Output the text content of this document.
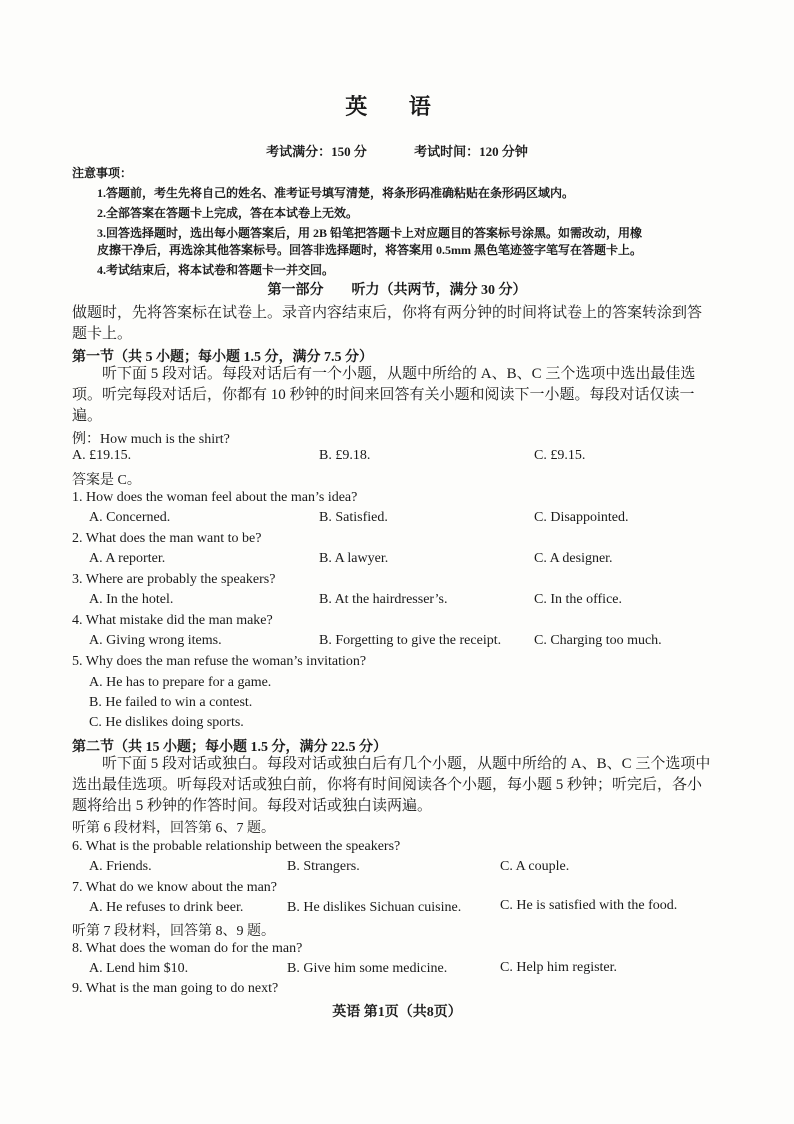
英 语
考试满分：150 分	考试时间：120 分钟
注意事项：
1.答题前，考生先将自己的姓名、准考证号填写清楚，将条形码准确粘贴在条形码区域内。
2.全部答案在答题卡上完成，答在本试卷上无效。
3.回答选择题时，选出每小题答案后，用 2B 铅笔把答题卡上对应题目的答案标号涂黑。如需改动，用橡
皮擦干净后，再选涂其他答案标号。回答非选择题时，将答案用 0.5mm 黑色笔迹签字笔写在答题卡上。
4.考试结束后，将本试卷和答题卡一并交回。
第一部分　　听力（共两节，满分 30 分）
做题时，先将答案标在试卷上。录音内容结束后，你将有两分钟的时间将试卷上的答案转涂到答题卡上。
第一节（共 5 小题；每小题 1.5 分，满分 7.5 分）
听下面 5 段对话。每段对话后有一个小题，从题中所给的 A、B、C 三个选项中选出最佳选项。听完每段对话后，你都有 10 秒钟的时间来回答有关小题和阅读下一小题。每段对话仅读一遍。
例：How much is the shirt?
A. £19.15.	B. £9.18.	C. £9.15.
答案是 C。
1. How does the woman feel about the man’s idea?
A. Concerned.	B. Satisfied.	C. Disappointed.
2. What does the man want to be?
A. A reporter.	B. A lawyer.	C. A designer.
3. Where are probably the speakers?
A. In the hotel.	B. At the hairdresser’s.	C. In the office.
4. What mistake did the man make?
A. Giving wrong items.	B. Forgetting to give the receipt. C. Charging too much.
5. Why does the man refuse the woman’s invitation?
A. He has to prepare for a game.
B. He failed to win a contest.
C. He dislikes doing sports.
第二节（共 15 小题；每小题 1.5 分，满分 22.5 分）
听下面 5 段对话或独白。每段对话或独白后有几个小题，从题中所给的 A、B、C 三个选项中选出最佳选项。听每段对话或独白前，你将有时间阅读各个小题，每小题 5 秒钟；听完后，各小题将给出 5 秒钟的作答时间。每段对话或独白读两遍。
听第 6 段材料，回答第 6、7 题。
6. What is the probable relationship between the speakers?
A. Friends.	B. Strangers.	C. A couple.
7. What do we know about the man?
A. He refuses to drink beer.	B. He dislikes Sichuan cuisine.	C. He is satisfied with the food.
听第 7 段材料，回答第 8、9 题。
8. What does the woman do for the man?
A. Lend him $10.	B. Give him some medicine.	C. Help him register.
9. What is the man going to do next?
英语 第1页（共8页）
